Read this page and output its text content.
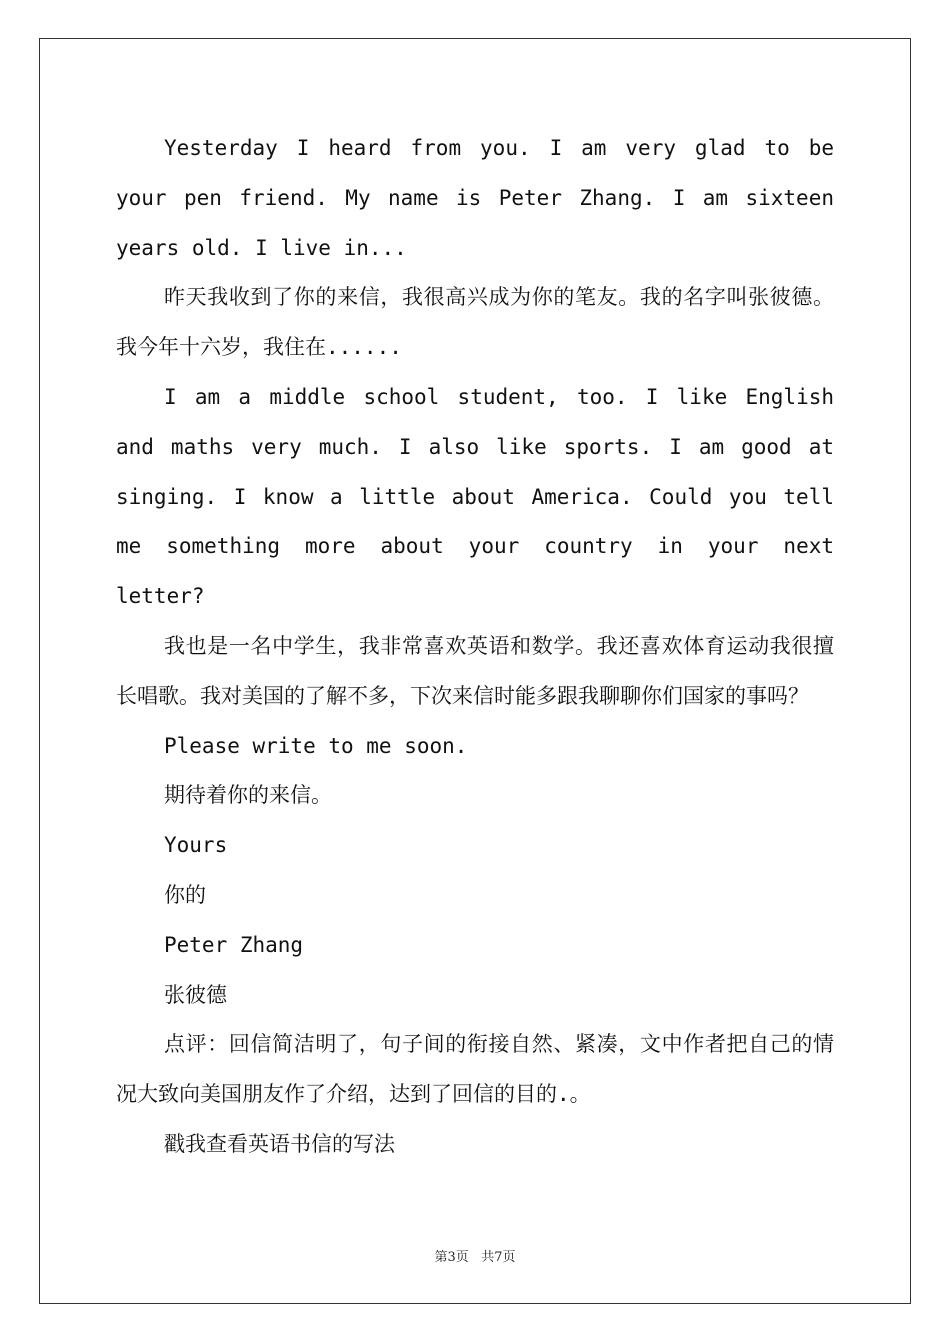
Yesterday I heard from you. I am very glad to be your pen friend. My name is Peter Zhang. I am sixteen years old. I live in...

昨天我收到了你的来信，我很高兴成为你的笔友。我的名字叫张彼德。我今年十六岁，我住在......

I am a middle school student, too. I like English and maths very much. I also like sports. I am good at singing. I know a little about America. Could you tell me something more about your country in your next letter?

我也是一名中学生，我非常喜欢英语和数学。我还喜欢体育运动我很擅长唱歌。我对美国的了解不多，下次来信时能多跟我聊聊你们国家的事吗？

Please write to me soon.

期待着你的来信。

Yours

你的

Peter Zhang

张彼德

点评：回信简洁明了，句子间的衔接自然、紧凑，文中作者把自己的情况大致向美国朋友作了介绍，达到了回信的目的.。

戳我查看英语书信的写法

第3页 共7页
